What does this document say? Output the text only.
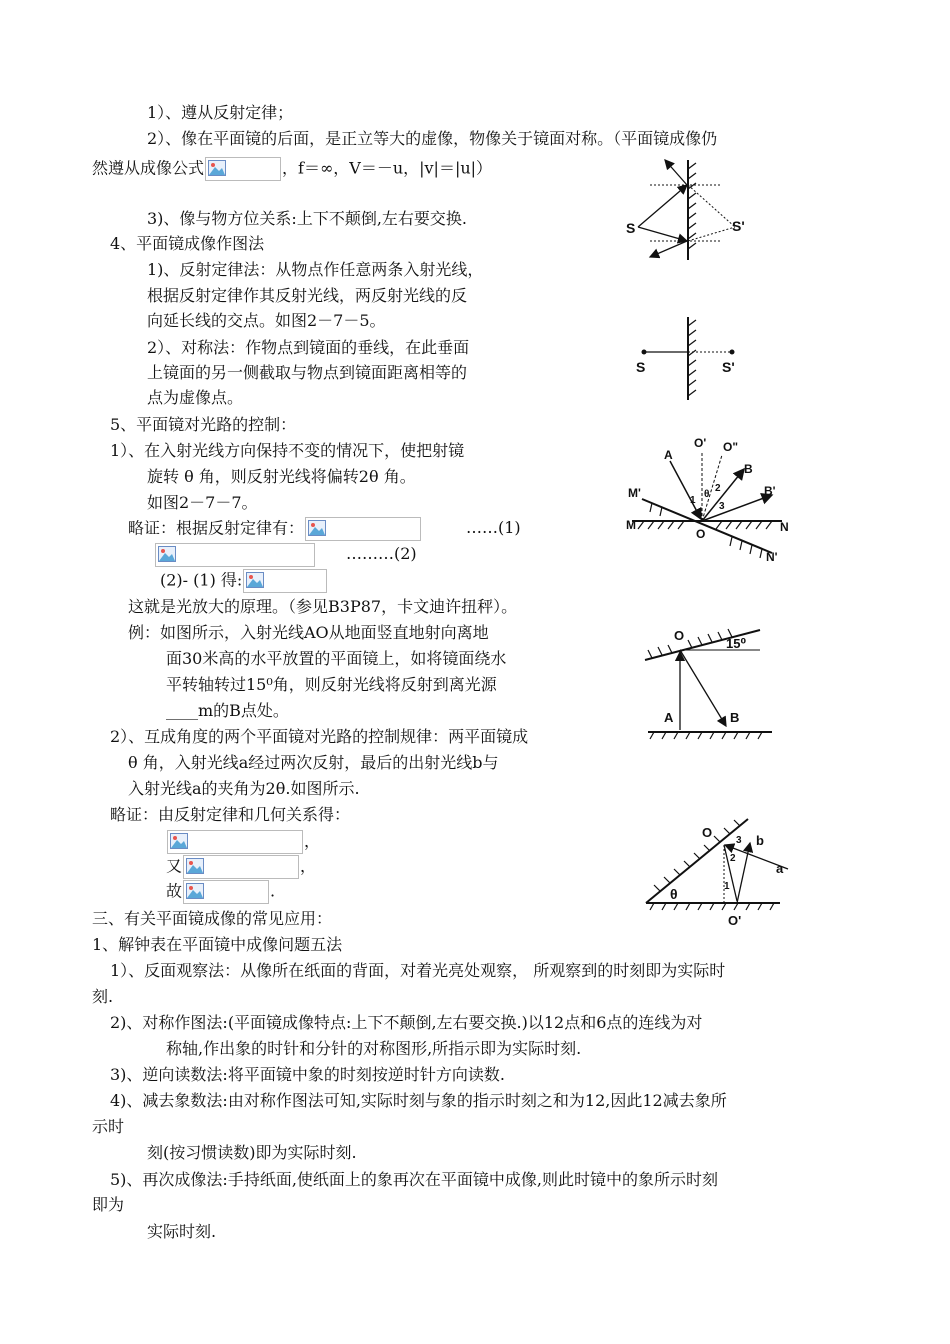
1）、遵从反射定律；
2）、像在平面镜的后面，是正立等大的虚像，物像关于镜面对称。（平面镜成像仍
然遵从成像公式	，f＝∞，V＝－u，|v|＝|u|）
3)、像与物方位关系:上下不颠倒,左右要交换.
4、平面镜成像作图法
1)、反射定律法：从物点作任意两条入射光线，
根据反射定律作其反射光线，两反射光线的反
向延长线的交点。如图2－7－5。
2）、对称法：作物点到镜面的垂线，在此垂面
上镜面的另一侧截取与物点到镜面距离相等的
点为虚像点。
5、平面镜对光路的控制：
1）、在入射光线方向保持不变的情况下，使把射镜
旋转 θ 角，则反射光线将偏转2θ 角。
如图2－7－7。
略证：根据反射定律有：	……(1)
………(2)
(2)- (1) 得:
这就是光放大的原理。（参见B3P87，卡文迪许扭秤）。
例：如图所示，入射光线AO从地面竖直地射向离地
面30米高的水平放置的平面镜上，如将镜面绕水
平转轴转过15⁰角，则反射光线将反射到离光源
____m的B点处。
2）、互成角度的两个平面镜对光路的控制规律：两平面镜成
θ 角，入射光线a经过两次反射，最后的出射光线b与
入射光线a的夹角为2θ.如图所示.
略证：由反射定律和几何关系得：
，
又	，
故	.
三、有关平面镜成像的常见应用：
1、解钟表在平面镜中成像问题五法
1）、反面观察法：从像所在纸面的背面，对着光亮处观察， 所观察到的时刻即为实际时
刻.
2)、对称作图法:(平面镜成像特点:上下不颠倒,左右要交换.)以12点和6点的连线为对
称轴,作出象的时针和分针的对称图形,所指示即为实际时刻.
3)、逆向读数法:将平面镜中象的时刻按逆时针方向读数.
4)、减去象数法:由对称作图法可知,实际时刻与象的指示时刻之和为12,因此12减去象所
示时
刻(按习惯读数)即为实际时刻.
5)、再次成像法:手持纸面,使纸面上的象再次在平面镜中成像,则此时镜中的象所示时刻
即为
实际时刻.
S	S'
S	S'
A
O' O"
B
B'
M'
M	N
N'
O
1
2
3
θ
O
15⁰
A	B
O
O'
a
b
θ	1
2
3
